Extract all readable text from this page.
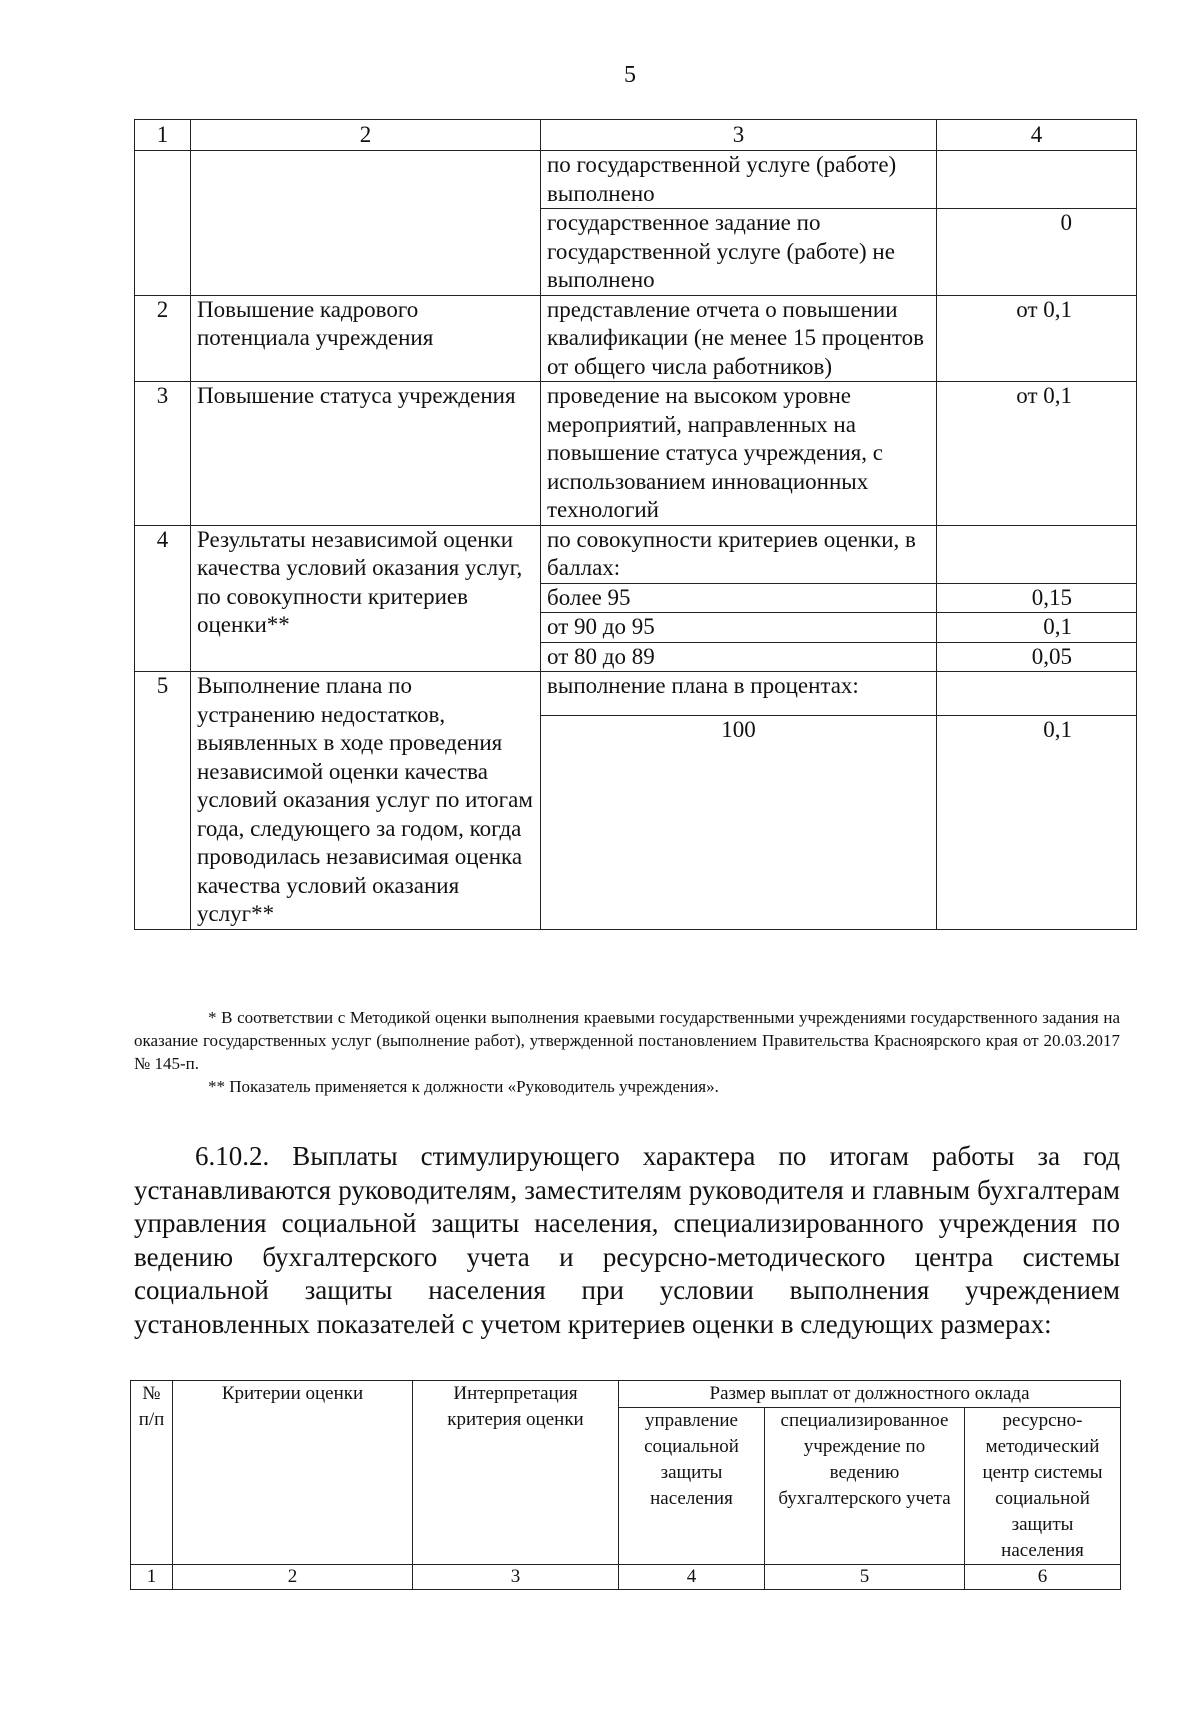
5
1	2	3	4
		по государственной услуге (работе) выполнено	
		государственное задание по государственной услуге (работе) не выполнено	0
2	Повышение кадрового потенциала учреждения	представление отчета о повышении квалификации (не менее 15 процентов от общего числа работников)	от 0,1
3	Повышение статуса учреждения	проведение на высоком уровне мероприятий, направленных на повышение статуса учреждения, с использованием инновационных технологий	от 0,1
4	Результаты независимой оценки качества условий оказания услуг, по совокупности критериев оценки**	по совокупности критериев оценки, в баллах:	
		более 95	0,15
		от 90 до 95	0,1
		от 80 до 89	0,05
5	Выполнение плана по устранению недостатков, выявленных в ходе проведения независимой оценки качества условий оказания услуг по итогам года, следующего за годом, когда проводилась независимая оценка качества условий оказания услуг**	выполнение плана в процентах:	
		100	0,1
* В соответствии с Методикой оценки выполнения краевыми государственными учреждениями государственного задания на оказание государственных услуг (выполнение работ), утвержденной постановлением Правительства Красноярского края от 20.03.2017 № 145-п.
** Показатель применяется к должности «Руководитель учреждения».
6.10.2. Выплаты стимулирующего характера по итогам работы за год устанавливаются руководителям, заместителям руководителя и главным бухгалтерам управления социальной защиты населения, специализированного учреждения по ведению бухгалтерского учета и ресурсно-методического центра системы социальной защиты населения при условии выполнения учреждением установленных показателей с учетом критериев оценки в следующих размерах:
№ п/п	Критерии оценки	Интерпретация критерия оценки	Размер выплат от должностного оклада		
			управление социальной защиты населения	специализированное учреждение по ведению бухгалтерского учета	ресурсно-методический центр системы социальной защиты населения
1	2	3	4	5	6
